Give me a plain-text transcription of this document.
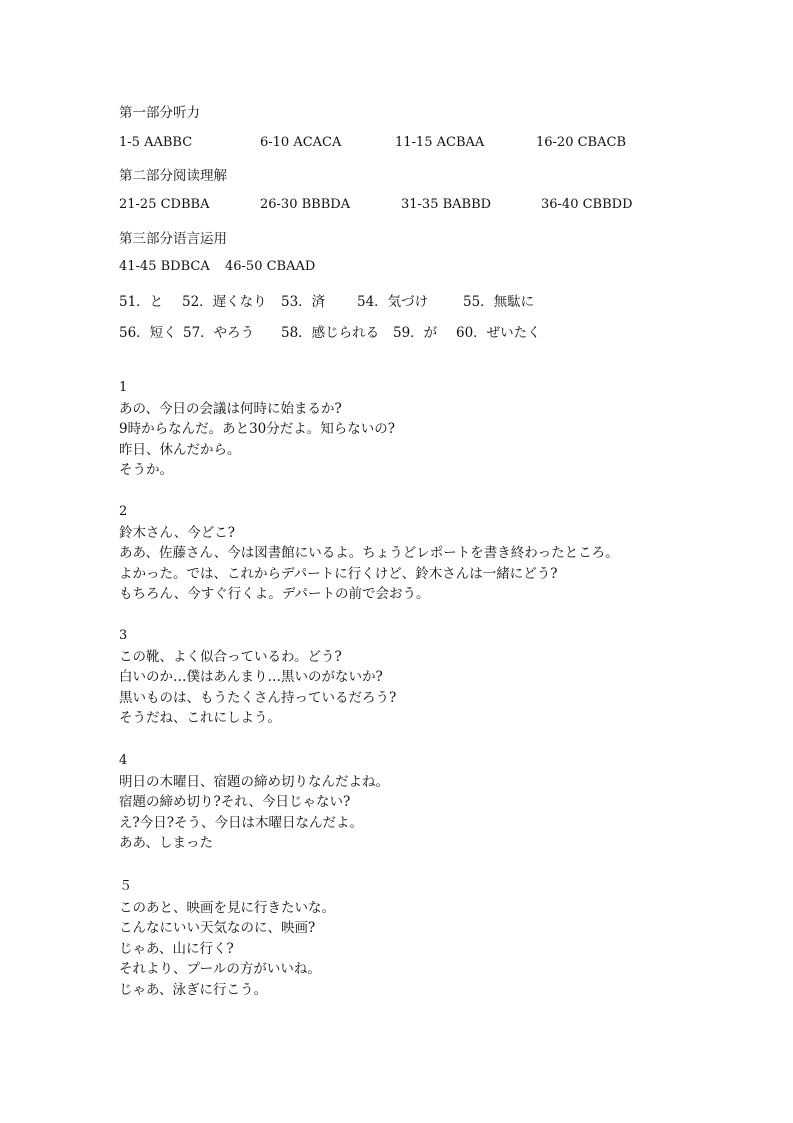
第一部分听力
1-5 AABBC	6-10 ACACA	11-15 ACBAA	16-20 CBACB
第二部分阅读理解
21-25 CDBBA	26-30 BBBDA	31-35 BABBD	36-40 CBBDD
第三部分语言运用
41-45 BDBCA 46-50 CBAAD
51．と 52．遅くなり 53．済 54．気づけ	55．無駄に
56．短く 57．やろう 58．感じられる 59．が 60．ぜいたく
1
あの、今日の会議は何時に始まるか?
9時からなんだ。あと30分だよ。知らないの?
昨日、休んだから。
そうか。
2
鈴木さん、今どこ?
ああ、佐藤さん、今は図書館にいるよ。ちょうどレポートを書き終わったところ。
よかった。では、これからデパートに行くけど、鈴木さんは一緒にどう?
もちろん、今すぐ行くよ。デパートの前で会おう。
3
この靴、よく似合っているわ。どう?
白いのか…僕はあんまり…黒いのがないか?
黒いものは、もうたくさん持っているだろう?
そうだね、これにしよう。
4
明日の木曜日、宿題の締め切りなんだよね。
宿題の締め切り?それ、今日じゃない?
え?今日?そう、今日は木曜日なんだよ。
ああ、しまった
５
このあと、映画を見に行きたいな。
こんなにいい天気なのに、映画?
じゃあ、山に行く?
それより、プールの方がいいね。
じゃあ、泳ぎに行こう。
